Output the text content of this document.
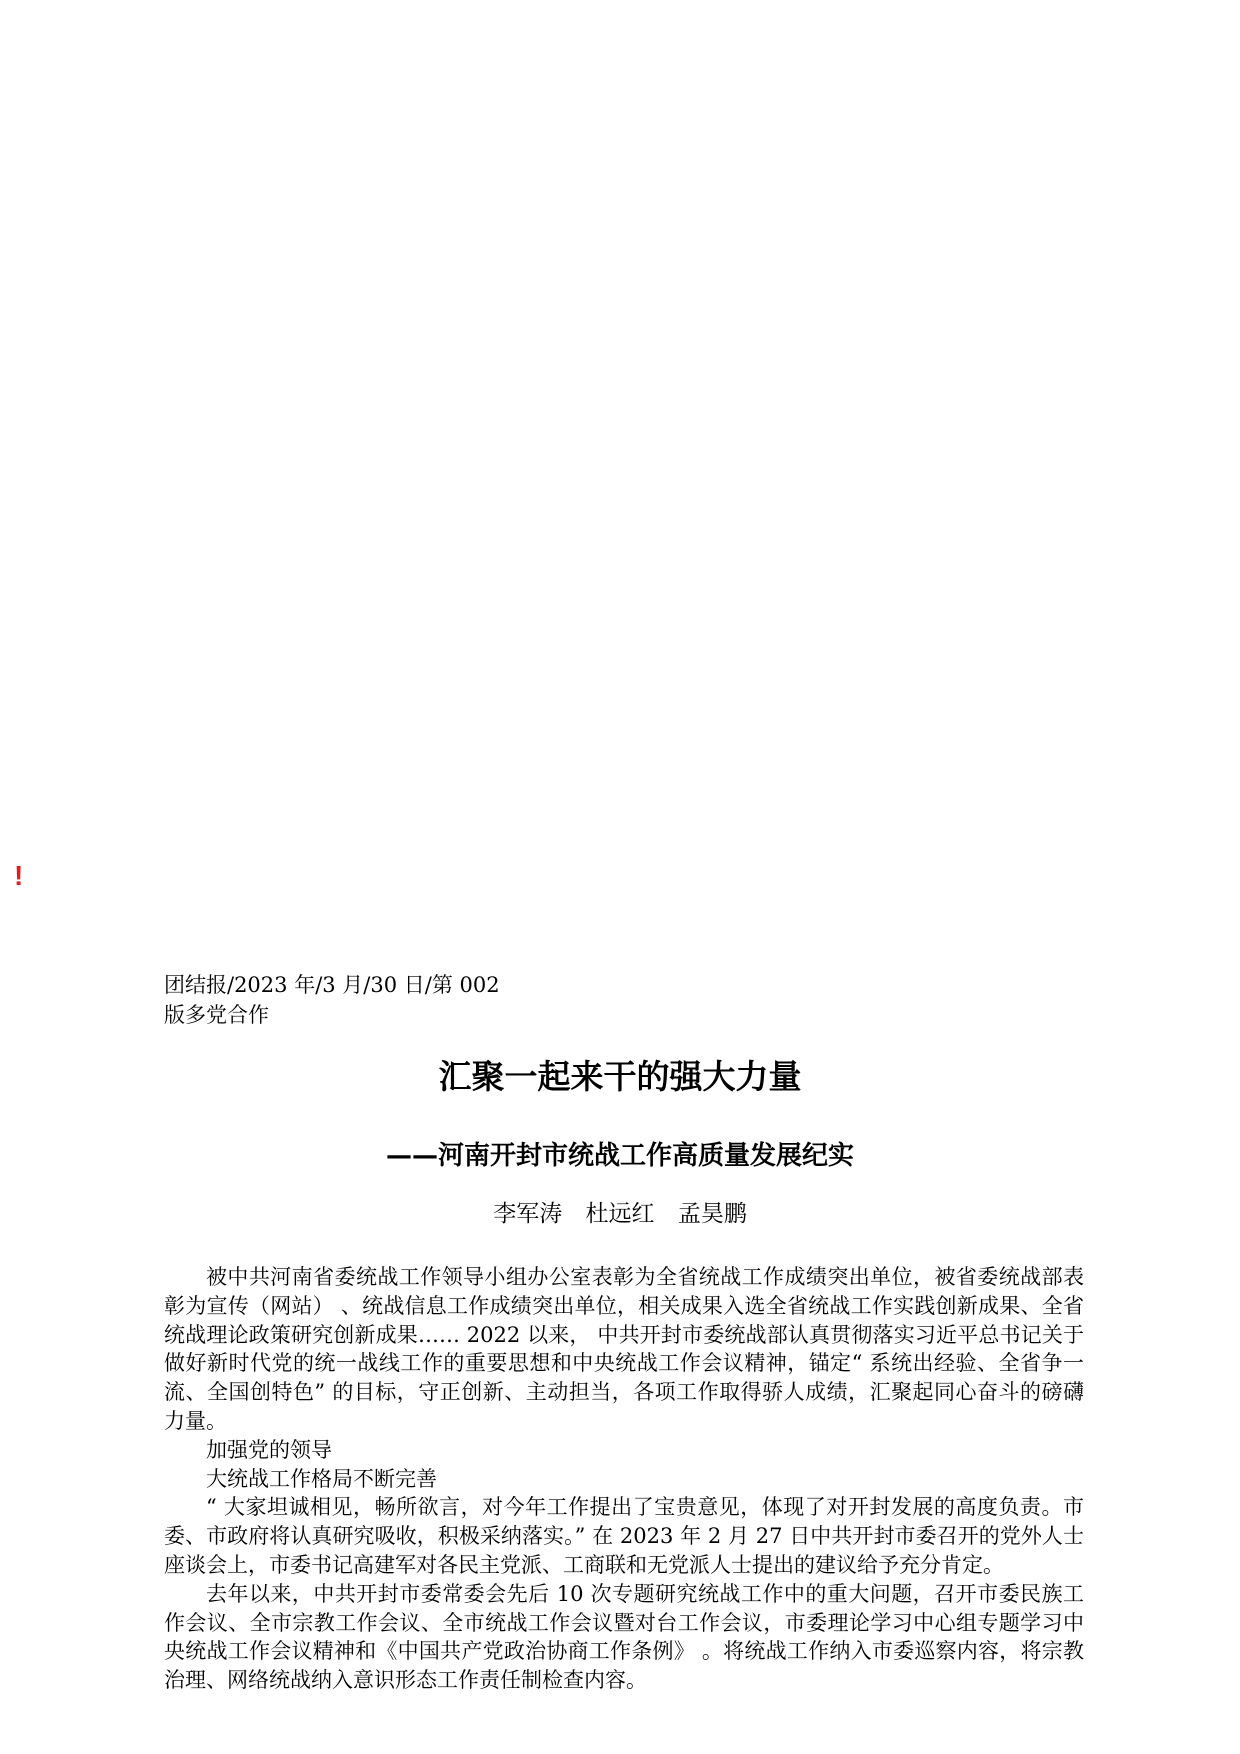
!
团结报/2023 年/3 月/30 日/第 002
版多党合作
汇聚一起来干的强大力量
——河南开封市统战工作高质量发展纪实
李军涛 杜远红 孟昊鹏

被中共河南省委统战工作领导小组办公室表彰为全省统战工作成绩突出单位，被省委统战部表彰为宣传（网站） 、统战信息工作成绩突出单位，相关成果入选全省统战工作实践创新成果、全省统战理论政策研究创新成果…… 2022 以来， 中共开封市委统战部认真贯彻落实习近平总书记关于做好新时代党的统一战线工作的重要思想和中央统战工作会议精神，锚定“ 系统出经验、全省争一流、全国创特色” 的目标，守正创新、主动担当，各项工作取得骄人成绩，汇聚起同心奋斗的磅礴力量。

加强党的领导

大统战工作格局不断完善

“ 大家坦诚相见，畅所欲言，对今年工作提出了宝贵意见，体现了对开封发展的高度负责。市委、市政府将认真研究吸收，积极采纳落实。” 在 2023 年 2 月 27 日中共开封市委召开的党外人士座谈会上，市委书记高建军对各民主党派、工商联和无党派人士提出的建议给予充分肯定。

去年以来，中共开封市委常委会先后 10 次专题研究统战工作中的重大问题，召开市委民族工作会议、全市宗教工作会议、全市统战工作会议暨对台工作会议，市委理论学习中心组专题学习中央统战工作会议精神和《中国共产党政治协商工作条例》 。将统战工作纳入市委巡察内容，将宗教治理、网络统战纳入意识形态工作责任制检查内容。
